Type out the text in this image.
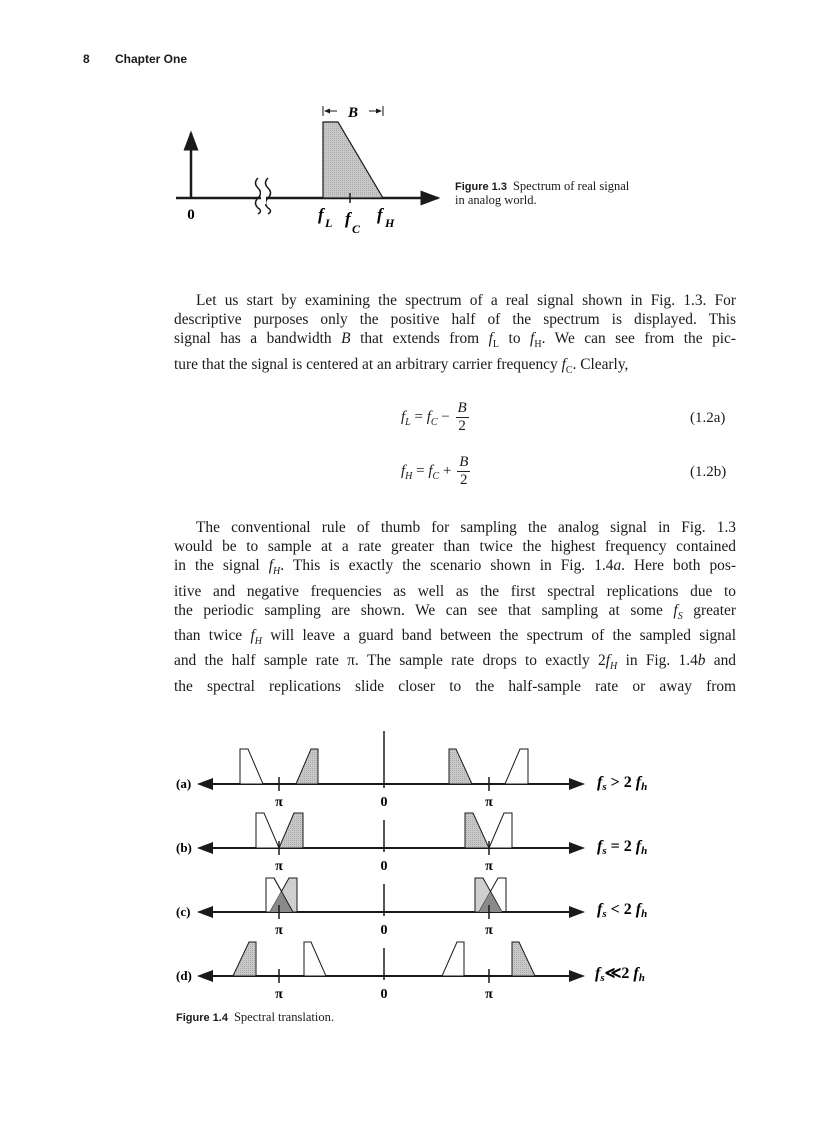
8 Chapter One
B
0	f L f
C
f H
(a)
(b)
(c)
(d)
π	0	π
π	0	π
π	0	π
π	0	π
fs > 2 fh
fs = 2 fh
fs < 2 fh
fs≪2 fh
Figure 1.3 Spectrum of real signal
in analog world.
Let us start by examining the spectrum of a real signal shown in Fig. 1.3. For
descriptive purposes only the positive half of the spectrum is displayed. This
signal has a bandwidth B that extends from $f_L$ to $f_H$. We can see from the pic-
ture that the signal is centered at an arbitrary carrier frequency $f_C$. Clearly,
$f_L = f_C - \frac{B}{2}$	(1.2a)
$f_H = f_C + \frac{B}{2}$	(1.2b)
The conventional rule of thumb for sampling the analog signal in Fig. 1.3
would be to sample at a rate greater than twice the highest frequency contained
in the signal $f_H$. This is exactly the scenario shown in Fig. 1.4a. Here both pos-
itive and negative frequencies as well as the first spectral replications due to
the periodic sampling are shown. We can see that sampling at some $f_S$ greater
than twice $f_H$ will leave a guard band between the spectrum of the sampled signal
and the half sample rate π. The sample rate drops to exactly $2f_H$ in Fig. 1.4b and
the spectral replications slide closer to the half-sample rate or away from
Figure 1.4 Spectral translation.
